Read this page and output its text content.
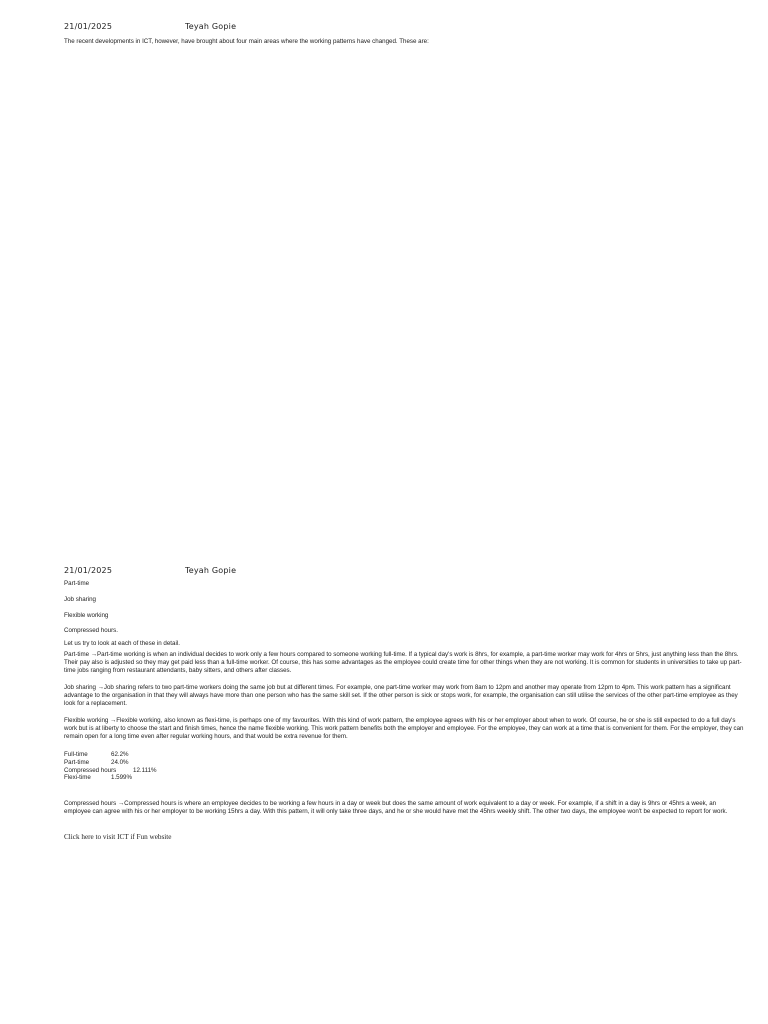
21/01/2025	Teyah Gopie

The recent developments in ICT, however, have brought about four main areas where the working patterns have changed. These are:

21/01/2025	Teyah Gopie

Part-time

Job sharing

Flexible working

Compressed hours.

Let us try to look at each of these in detail.

Part-time →Part-time working is when an individual decides to work only a few hours compared to someone working full-time. If a typical day's work is 8hrs, for example, a part-time worker may work for 4hrs or 5hrs, just anything less than the 8hrs. Their pay also is adjusted so they may get paid less than a full-time worker. Of course, this has some advantages as the employee could create time for other things when they are not working. It is common for students in universities to take up part-time jobs ranging from restaurant attendants, baby sitters, and others after classes.

Job sharing →Job sharing refers to two part-time workers doing the same job but at different times. For example, one part-time worker may work from 8am to 12pm and another may operate from 12pm to 4pm. This work pattern has a significant advantage to the organisation in that they will always have more than one person who has the same skill set. If the other person is sick or stops work, for example, the organisation can still utilise the services of the other part-time employee as they look for a replacement.

Flexible working →Flexible working, also known as flexi-time, is perhaps one of my favourites. With this kind of work pattern, the employee agrees with his or her employer about when to work. Of course, he or she is still expected to do a full day's work but is at liberty to choose the start and finish times, hence the name flexible working. This work pattern benefits both the employer and employee. For the employee, they can work at a time that is convenient for them. For the employer, they can remain open for a long time even after regular working hours, and that would be extra revenue for them.

Full-time	62.2%
Part-time	24.0%
Compressed hours	12.111%
Flexi-time	1.599%

Compressed hours →Compressed hours is where an employee decides to be working a few hours in a day or week but does the same amount of work equivalent to a day or week. For example, if a shift in a day is 9hrs or 45hrs a week, an employee can agree with his or her employer to be working 15hrs a day. With this pattern, it will only take three days, and he or she would have met the 45hrs weekly shift. The other two days, the employee won't be expected to report for work.

Click here to visit ICT if Fun website
